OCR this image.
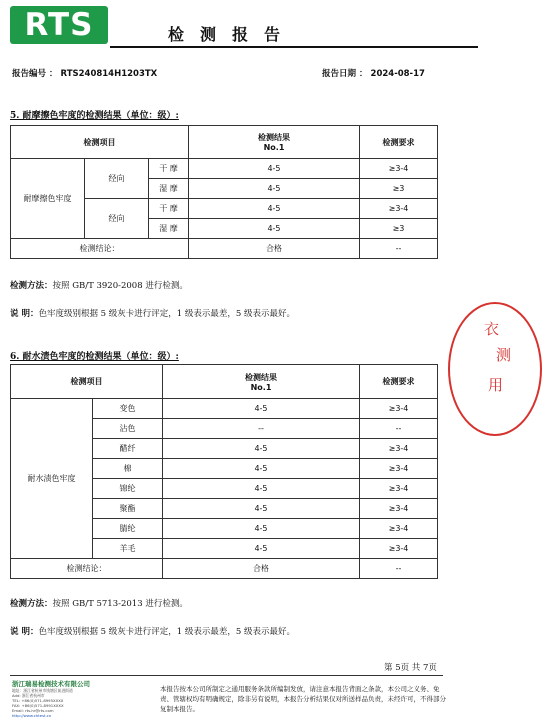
RTS	检测报告
报告编号 ： RTS240814H1203TX	报告日期 ： 2024-08-17
5. 耐摩擦色牢度的检测结果（单位：级）:
检测项目			检测结果
No.1	检测要求
耐摩擦色牢度	经向	干 摩	4-5	≥3-4
		湿 摩	4-5	≥3
	经向	干 摩	4-5	≥3-4
		湿 摩	4-5	≥3
检测结论：			合格	--
检测方法：按照 GB/T 3920-2008 进行检测。
说 明：色牢度级别根据 5 级灰卡进行评定，1 级表示最差，5 级表示最好。
6. 耐水渍色牢度的检测结果（单位：级）:
检测项目		检测结果
No.1	检测要求
耐水渍色牢度	变色	4-5	≥3-4
	沾色	--	--
	醋纤	4-5	≥3-4
	棉	4-5	≥3-4
	锦纶	4-5	≥3-4
	聚酯	4-5	≥3-4
	腈纶	4-5	≥3-4
	羊毛	4-5	≥3-4
检测结论：		合格	--
检测方法：按照 GB/T 5713-2013 进行检测。
说 明：色牢度级别根据 5 级灰卡进行评定，1 级表示最差，5 级表示最好。
衣
用
测
第 5页 共 7页
浙江瑞易检测技术有限公司
地址：浙江省杭州市钱塘区前进街道
Add: 浙江省杭州市
TEL: +86(0)571-8995XXXX
FAX: +86(0)571-8991XXXX
Email: rts-hr@rts.com
http://www.chtest.cn
本报告按本公司所制定之通用服务条款所编制发放，请注意本报告背面之条款，本公司之义务、免责、管辖权均有明确规定，除非另有说明，本报告分析结果仅对所送样品负责，未经许可，不得部分复制本报告。
